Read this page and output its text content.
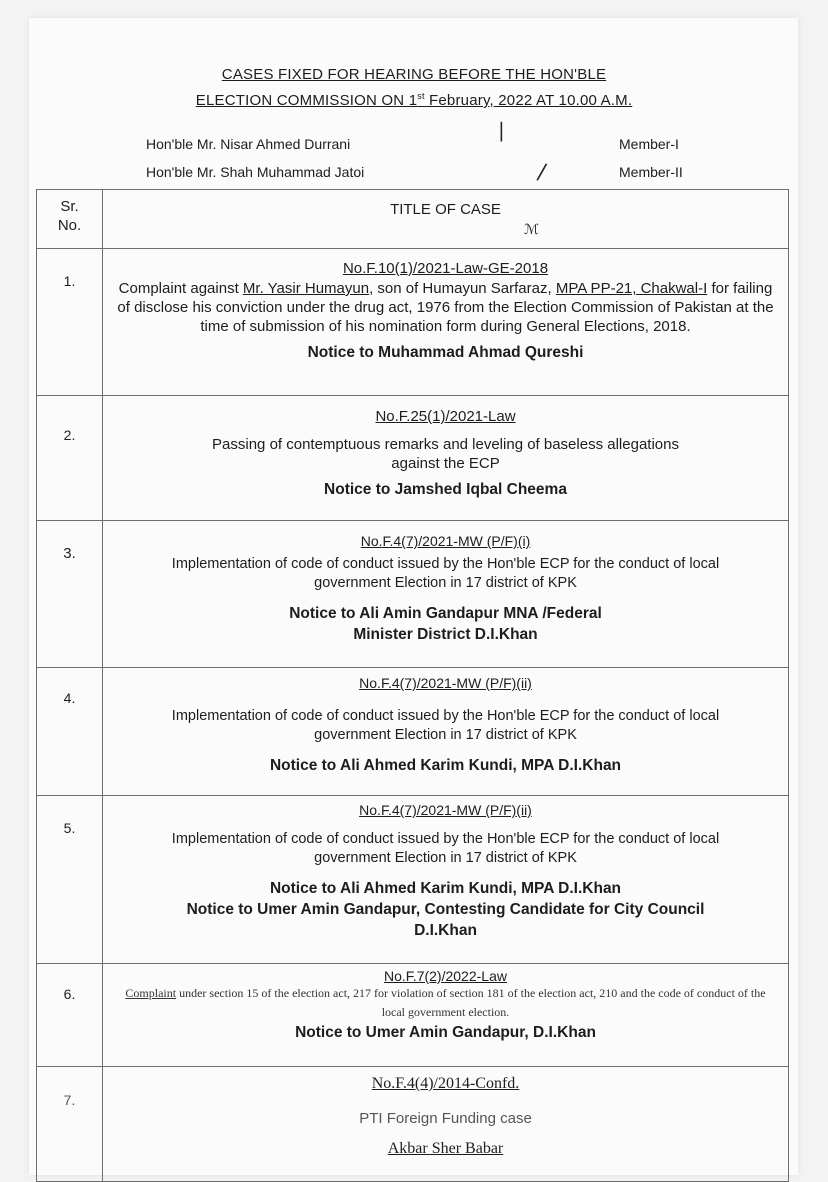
CASES FIXED FOR HEARING BEFORE THE HON'BLE
ELECTION COMMISSION ON 1st February, 2022 AT 10.00 A.M.
Hon'ble Mr. Nisar Ahmed Durrani	Member-I
Hon'ble Mr. Shah Muhammad Jatoi	Member-II
|
/
ℳ
Sr.
No.	TITLE OF CASE
1.	No.F.10(1)/2021-Law-GE-2018
Complaint against Mr. Yasir Humayun, son of Humayun Sarfaraz, MPA PP-21, Chakwal-I for failing of disclose his conviction under the drug act, 1976 from the Election Commission of Pakistan at the time of submission of his nomination form during General Elections, 2018.
Notice to Muhammad Ahmad Qureshi

2.	No.F.25(1)/2021-Law
Passing of contemptuous remarks and leveling of baseless allegations against the ECP
Notice to Jamshed Iqbal Cheema

3.	No.F.4(7)/2021-MW (P/F)(i)
Implementation of code of conduct issued by the Hon'ble ECP for the conduct of local government Election in 17 district of KPK
Notice to Ali Amin Gandapur MNA /Federal Minister District D.I.Khan

4.	No.F.4(7)/2021-MW (P/F)(ii)
Implementation of code of conduct issued by the Hon'ble ECP for the conduct of local government Election in 17 district of KPK
Notice to Ali Ahmed Karim Kundi, MPA D.I.Khan

5.	No.F.4(7)/2021-MW (P/F)(ii)
Implementation of code of conduct issued by the Hon'ble ECP for the conduct of local government Election in 17 district of KPK
Notice to Ali Ahmed Karim Kundi, MPA D.I.Khan
Notice to Umer Amin Gandapur, Contesting Candidate for City Council D.I.Khan

6.	No.F.7(2)/2022-Law
Complaint under section 15 of the election act, 217 for violation of section 181 of the election act, 210 and the code of conduct of the local government election.
Notice to Umer Amin Gandapur, D.I.Khan

7.	No.F.4(4)/2014-Confd.
PTI Foreign Funding case
Akbar Sher Babar
